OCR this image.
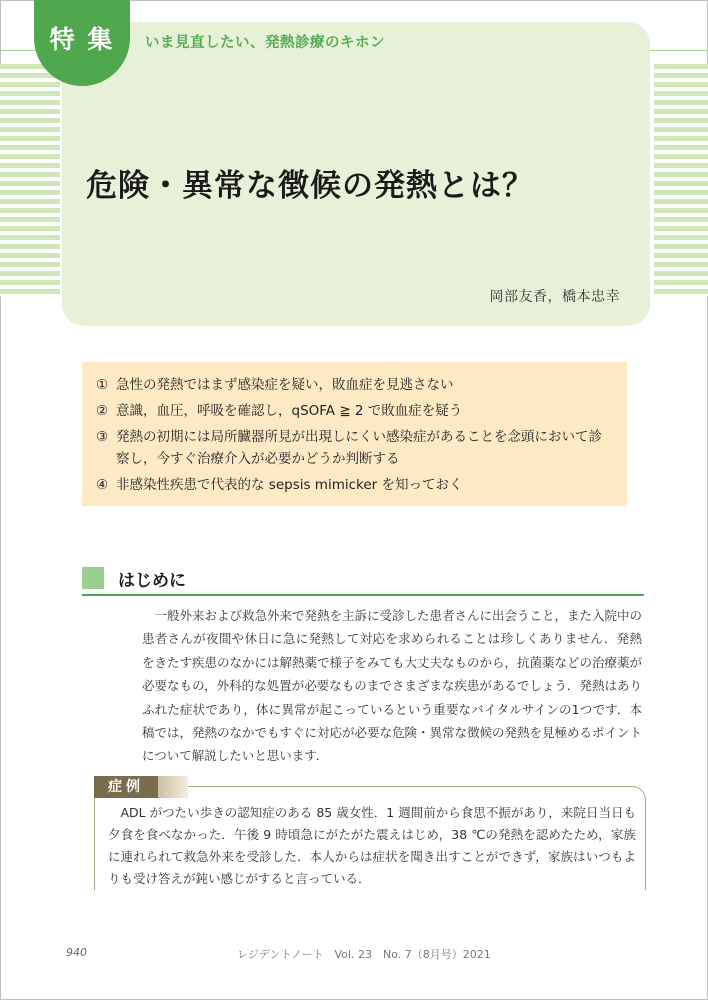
特 集	いま見直したい、発熱診療のキホン
危険・異常な徴候の発熱とは？
岡部友香，橋本忠幸
① 急性の発熱ではまず感染症を疑い，敗血症を見逃さない
② 意識，血圧，呼吸を確認し，qSOFA ≧ 2 で敗血症を疑う
③ 発熱の初期には局所臓器所見が出現しにくい感染症があることを念頭において診察し，今すぐ治療介入が必要かどうか判断する
④ 非感染性疾患で代表的な sepsis mimicker を知っておく
はじめに

一般外来および救急外来で発熱を主訴に受診した患者さんに出会うこと，また入院中の患者さんが夜間や休日に急に発熱して対応を求められることは珍しくありません．発熱をきたす疾患のなかには解熱薬で様子をみても大丈夫なものから，抗菌薬などの治療薬が必要なもの，外科的な処置が必要なものまでさまざまな疾患があるでしょう．発熱はありふれた症状であり，体に異常が起こっているという重要なバイタルサインの1つです．本稿では，発熱のなかでもすぐに対応が必要な危険・異常な徴候の発熱を見極めるポイントについて解説したいと思います．

症例

ADL がつたい歩きの認知症のある 85 歳女性．1 週間前から食思不振があり，来院日当日も夕食を食べなかった．午後 9 時頃急にがたがた震えはじめ，38 ℃の発熱を認めたため，家族に連れられて救急外来を受診した．本人からは症状を聞き出すことができず，家族はいつもよりも受け答えが鈍い感じがすると言っている．

940	レジデントノート　Vol. 23　No. 7（8月号）2021
